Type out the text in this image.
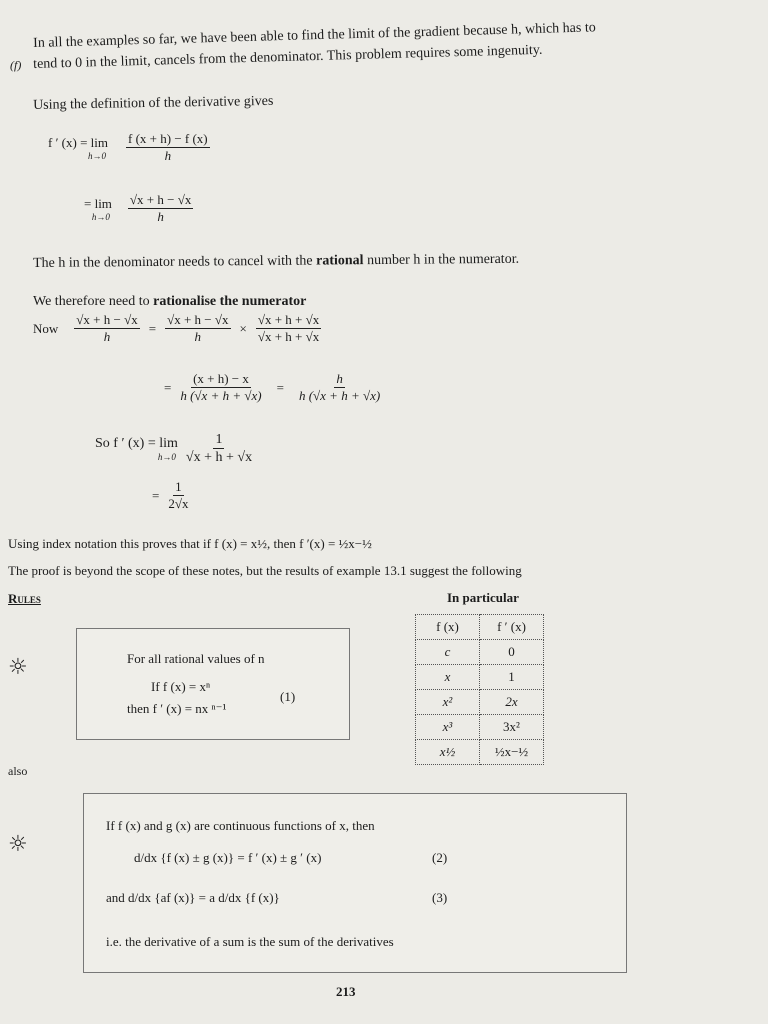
(f)
In all the examples so far, we have been able to find the limit of the gradient because h, which has to
tend to 0 in the limit, cancels from the denominator. This problem requires some ingenuity.
Using the definition of the derivative gives
f ′ (x) = lim
$h\to 0 \frac{f (x + h) - f (x)}{h}$
= lim
$h\to 0 \frac{√x + h - √x}{h}$
The h in the denominator needs to cancel with the rational number h in the numerator.
We therefore need to rationalise the numerator
Now $\frac{√x + h - √x}{h} = \frac{√x + h - √x}{h} \times \frac{√x + h + √x}{√x + h + √x}$
= $\frac{(x + h) - x}{h (√x + h + √x)} = \frac{h}{h (√x + h + √x)}$
So f ′ (x) = lim
$h\to 0 \frac{1}{√x + h + √x}$
= $\frac{1}{2√x}$
Using index notation this proves that if f (x) = x½, then f ′(x) = ½x−½
The proof is beyond the scope of these notes, but the results of example 13.1 suggest the following
Rules	In particular
☼	For all rational values of n
If f (x) = xⁿ
then f ′ (x) = nx ⁿ⁻¹
(1)
f (x)	f ′ (x)
c	0
x	1
x²	2x
x³	3x²
x½	½x−½
also
☼
If f (x) and g (x) are continuous functions of x, then
d/dx {f (x) ± g (x)} = f ′ (x) ± g ′ (x)	(2)
and d/dx {af (x)} = a d/dx {f (x)}	(3)
i.e. the derivative of a sum is the sum of the derivatives
213
